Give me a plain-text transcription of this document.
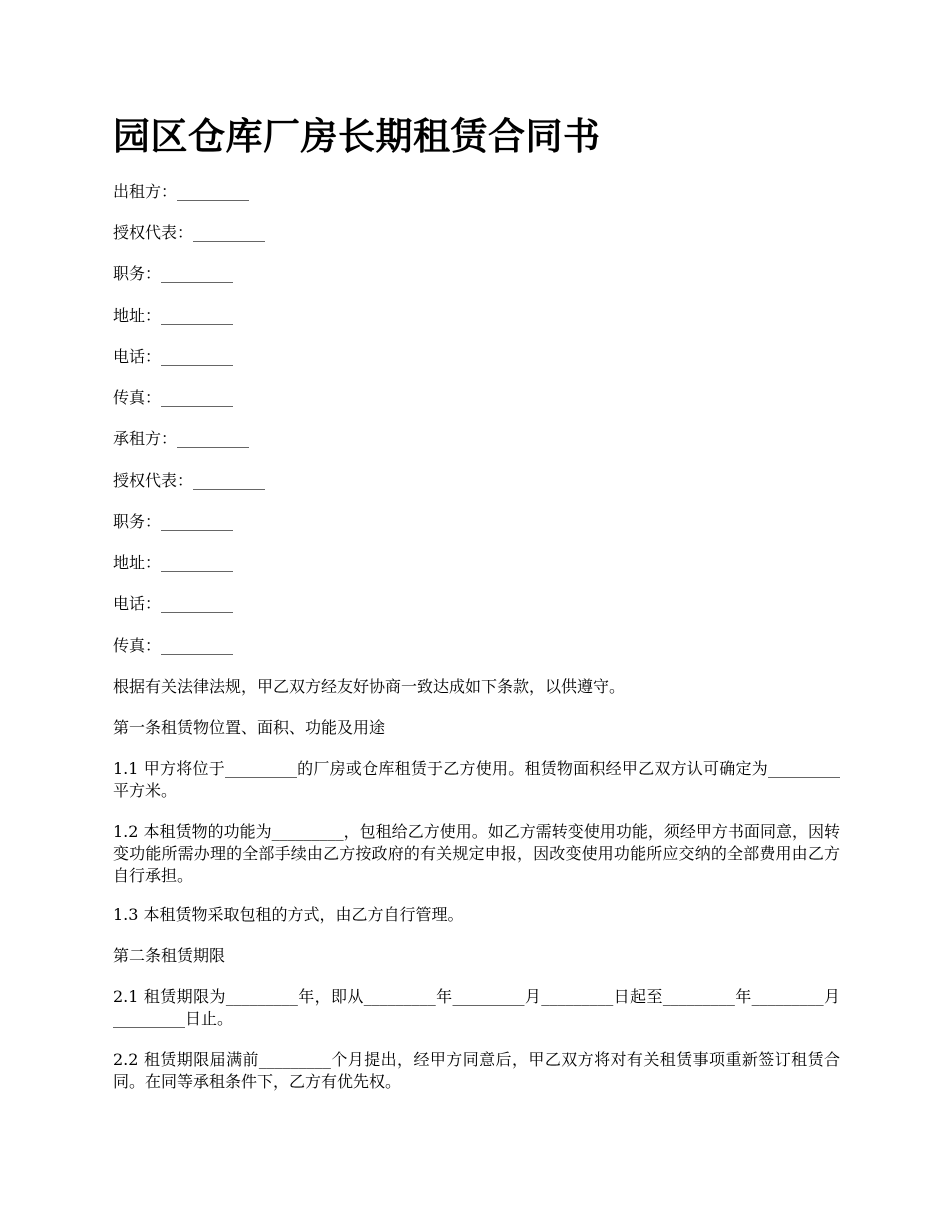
园区仓库厂房长期租赁合同书

出租方：_________

授权代表：_________

职务：_________

地址：_________

电话：_________

传真：_________

承租方：_________

授权代表：_________

职务：_________

地址：_________

电话：_________

传真：_________

根据有关法律法规，甲乙双方经友好协商一致达成如下条款，以供遵守。

第一条租赁物位置、面积、功能及用途

1.1 甲方将位于_________的厂房或仓库租赁于乙方使用。租赁物面积经甲乙双方认可确定为_________平方米。

1.2 本租赁物的功能为_________，包租给乙方使用。如乙方需转变使用功能，须经甲方书面同意，因转变功能所需办理的全部手续由乙方按政府的有关规定申报，因改变使用功能所应交纳的全部费用由乙方自行承担。

1.3 本租赁物采取包租的方式，由乙方自行管理。

第二条租赁期限

2.1 租赁期限为_________年，即从_________年_________月_________日起至_________年_________月_________日止。

2.2 租赁期限届满前_________个月提出，经甲方同意后，甲乙双方将对有关租赁事项重新签订租赁合同。在同等承租条件下，乙方有优先权。
